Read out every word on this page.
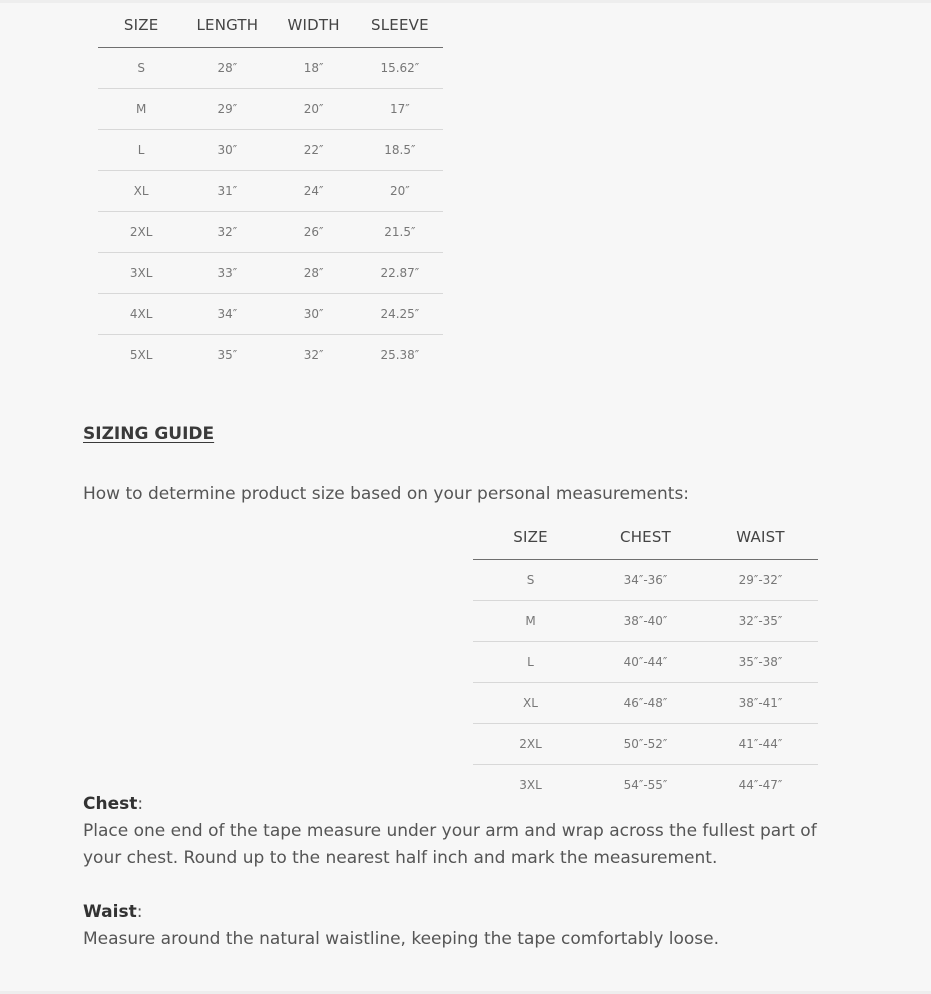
SIZE	LENGTH	WIDTH	SLEEVE
S	28″	18″	15.62″
M	29″	20″	17″
L	30″	22″	18.5″
XL	31″	24″	20″
2XL	32″	26″	21.5″
3XL	33″	28″	22.87″
4XL	34″	30″	24.25″
5XL	35″	32″	25.38″
SIZING GUIDE

How to determine product size based on your personal measurements:

SIZE	CHEST	WAIST
S	34″-36″	29″-32″
M	38″-40″	32″-35″
L	40″-44″	35″-38″
XL	46″-48″	38″-41″
2XL	50″-52″	41″-44″
3XL	54″-55″	44″-47″

Chest:
Place one end of the tape measure under your arm and wrap across the fullest part of your chest. Round up to the nearest half inch and mark the measurement.

Waist:
Measure around the natural waistline, keeping the tape comfortably loose.
